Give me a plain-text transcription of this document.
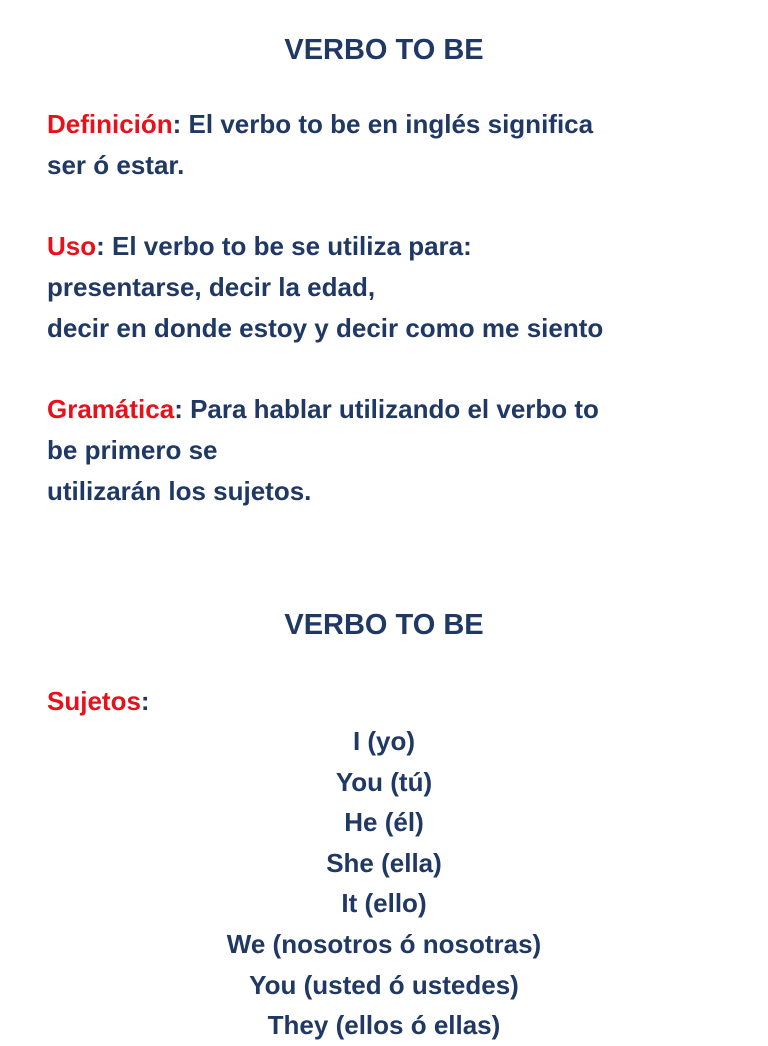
VERBO TO BE
Definición: El verbo to be en inglés significa
ser ó estar.
Uso: El verbo to be se utiliza para:
presentarse, decir la edad,
decir en donde estoy y decir como me siento
Gramática: Para hablar utilizando el verbo to
be primero se
utilizarán los sujetos.
VERBO TO BE
Sujetos:
I (yo)
You (tú)
He (él)
She (ella)
It (ello)
We (nosotros ó nosotras)
You (usted ó ustedes)
They (ellos ó ellas)
